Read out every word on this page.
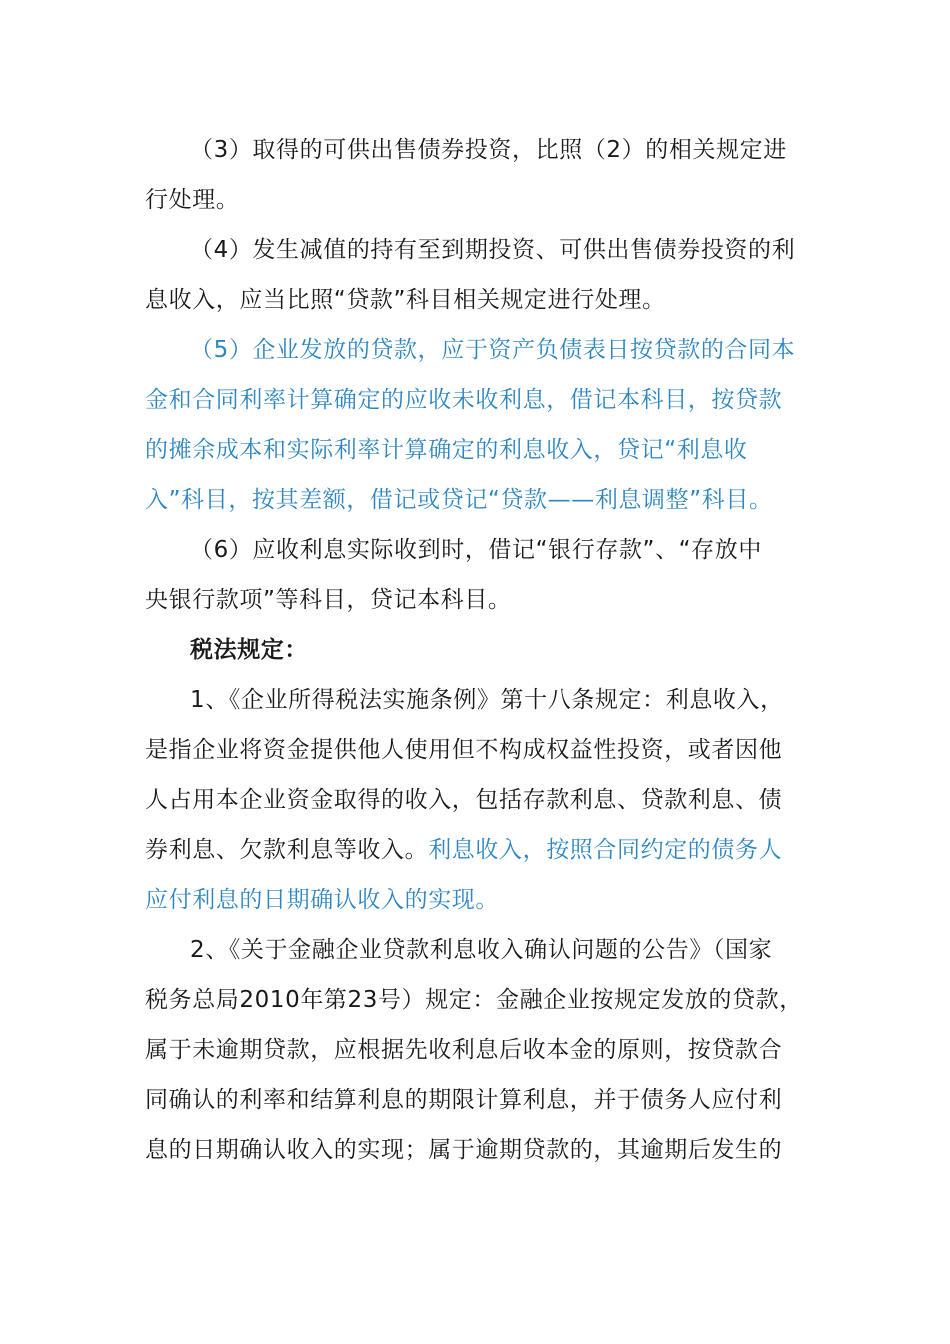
（3）取得的可供出售债券投资，比照（2）的相关规定进
行处理。
（4）发生减值的持有至到期投资、可供出售债券投资的利
息收入，应当比照“贷款”科目相关规定进行处理。
（5）企业发放的贷款，应于资产负债表日按贷款的合同本
金和合同利率计算确定的应收未收利息，借记本科目，按贷款
的摊余成本和实际利率计算确定的利息收入，贷记“利息收
入”科目，按其差额，借记或贷记“贷款——利息调整”科目。
（6）应收利息实际收到时，借记“银行存款”、“存放中
央银行款项”等科目，贷记本科目。
税法规定：
1、《企业所得税法实施条例》第十八条规定：利息收入，
是指企业将资金提供他人使用但不构成权益性投资，或者因他
人占用本企业资金取得的收入，包括存款利息、贷款利息、债
券利息、欠款利息等收入。利息收入，按照合同约定的债务人
应付利息的日期确认收入的实现。
2、《关于金融企业贷款利息收入确认问题的公告》（国家
税务总局2010年第23号）规定：金融企业按规定发放的贷款，
属于未逾期贷款，应根据先收利息后收本金的原则，按贷款合
同确认的利率和结算利息的期限计算利息，并于债务人应付利
息的日期确认收入的实现；属于逾期贷款的，其逾期后发生的
